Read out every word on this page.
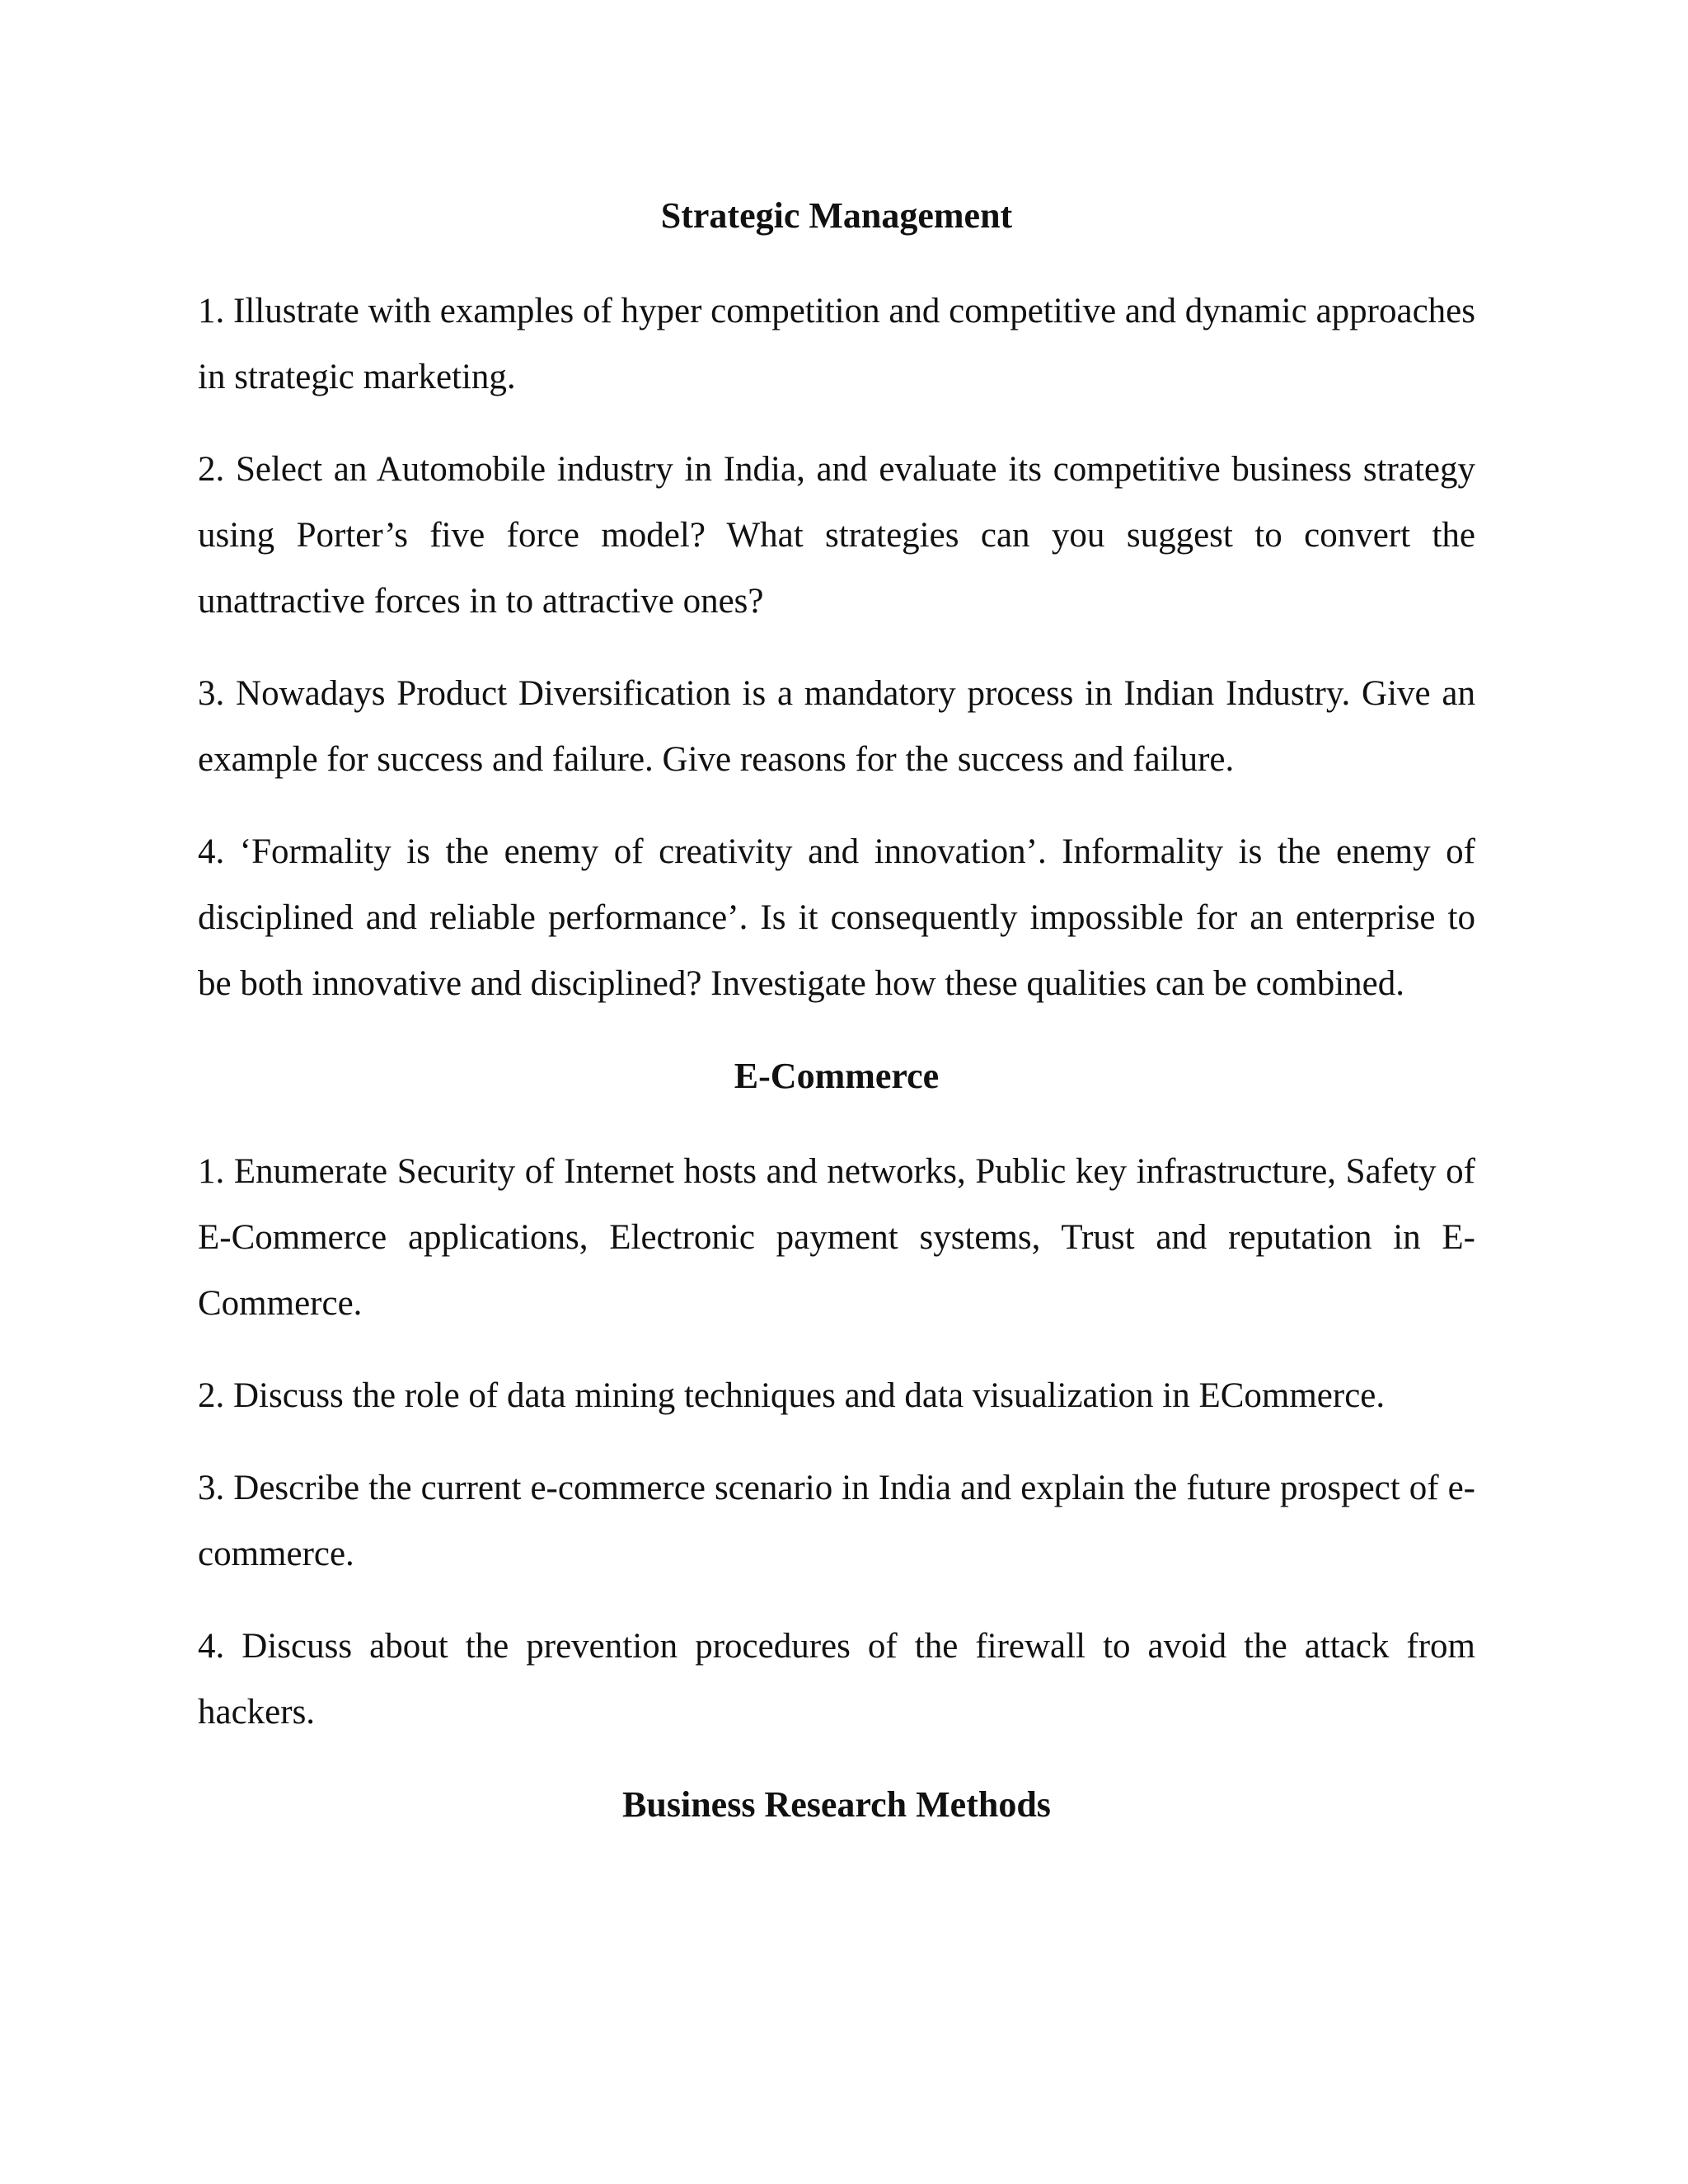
Strategic Management

1. Illustrate with examples of hyper competition and competitive and dynamic approaches in strategic marketing.

2. Select an Automobile industry in India, and evaluate its competitive business strategy using Porter’s five force model? What strategies can you suggest to convert the unattractive forces in to attractive ones?

3. Nowadays Product Diversification is a mandatory process in Indian Industry. Give an example for success and failure. Give reasons for the success and failure.

4. ‘Formality is the enemy of creativity and innovation’. Informality is the enemy of disciplined and reliable performance’. Is it consequently impossible for an enterprise to be both innovative and disciplined? Investigate how these qualities can be combined.

E-Commerce

1. Enumerate Security of Internet hosts and networks, Public key infrastructure, Safety of E-Commerce applications, Electronic payment systems, Trust and reputation in E-Commerce.

2. Discuss the role of data mining techniques and data visualization in ECommerce.

3. Describe the current e-commerce scenario in India and explain the future prospect of e-commerce.

4. Discuss about the prevention procedures of the firewall to avoid the attack from hackers.

Business Research Methods
